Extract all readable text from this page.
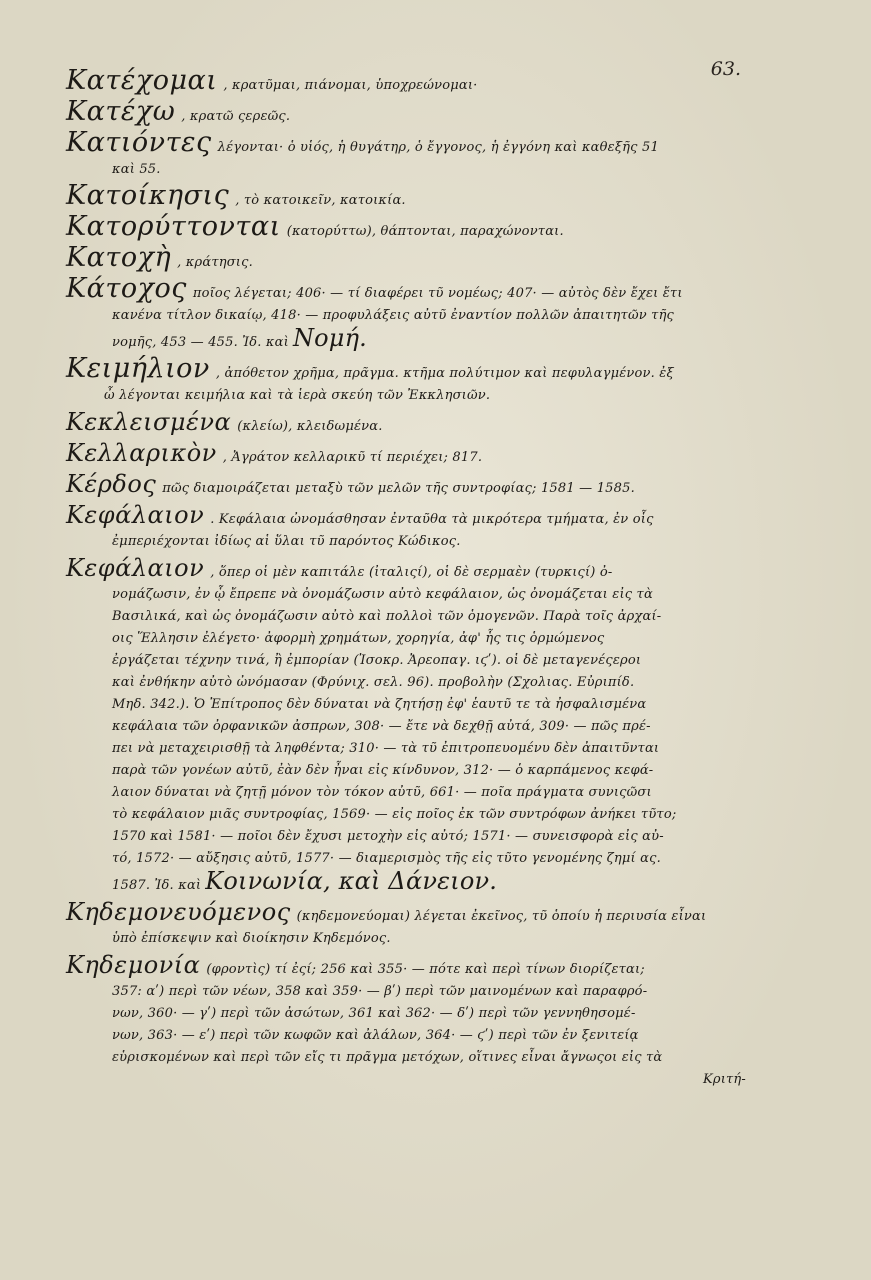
63.
Κατέχομαι , κρατῦμαι, πιάνομαι, ὑποχρεώνομαι·
Κατέχω , κρατῶ ςερεῶς.
Κατιόντες λέγονται· ὁ υἱός, ἡ θυγάτηρ, ὁ ἔγγονος, ἡ ἐγγόνη καὶ καθεξῆς 51
καὶ 55.
Κατοίκησις , τὸ κατοικεῖν, κατοικία.
Κατορύττονται (κατορύττω), θάπτονται, παραχώνονται.
Κατοχὴ , κράτησις.
Κάτοχος ποῖος λέγεται; 406· — τί διαφέρει τῦ νομέως; 407· — αὐτὸς δὲν ἔχει ἔτι
κανένα τίτλον δικαίῳ, 418· — προφυλάξεις αὐτῦ ἐναντίον πολλῶν ἀπαιτητῶν τῆς
νομῆς, 453 — 455. Ἰδ. καὶ Νομή.
Κειμήλιον , ἀπόθετον χρῆμα, πρᾶγμα. κτῆμα πολύτιμον καὶ πεφυλαγμένον. ἐξ
ὦ λέγονται κειμήλια καὶ τὰ ἱερὰ σκεύη τῶν Ἐκκλησιῶν.
Κεκλεισμένα (κλείω), κλειδωμένα.
Κελλαρικὸν , Ἀγράτον κελλαρικῦ τί περιέχει; 817.
Κέρδος πῶς διαμοιράζεται μεταξὺ τῶν μελῶν τῆς συντροφίας; 1581 — 1585.
Κεφάλαιον . Κεφάλαια ὠνομάσθησαν ἐνταῦθα τὰ μικρότερα τμήματα, ἐν οἷς
ἐμπεριέχονται ἰδίως αἱ ὕλαι τῦ παρόντος Κώδικος.
Κεφάλαιον , ὅπερ οἱ μὲν καπιτάλε (ἰταλιςί), οἱ δὲ σερμαὲν (τυρκιςί) ὀ-
νομάζωσιν, ἐν ᾧ ἔπρεπε νὰ ὀνομάζωσιν αὐτὸ κεφάλαιον, ὡς ὀνομάζεται εἰς τὰ
Βασιλικά, καὶ ὡς ὀνομάζωσιν αὐτὸ καὶ πολλοὶ τῶν ὁμογενῶν. Παρὰ τοῖς ἀρχαί-
οις Ἕλλησιν ἐλέγετο· ἀφορμὴ χρημάτων, χορηγία, ἀφ' ἧς τις ὁρμώμενος
ἐργάζεται τέχνην τινά, ἢ ἐμπορίαν (Ἰσοκρ. Ἀρεοπαγ. ιϛʹ). οἱ δὲ μεταγενέςεροι
καὶ ἐνθήκην αὐτὸ ὠνόμασαν (Φρύνιχ. σελ. 96). προβολὴν (Σχολιας. Εὐριπίδ.
Μηδ. 342.). Ὁ Ἐπίτροπος δὲν δύναται νὰ ζητήσῃ ἐφ' ἑαυτῦ τε τὰ ἠσφαλισμένα
κεφάλαια τῶν ὀρφανικῶν ἀσπρων, 308· — ἔτε νὰ δεχθῇ αὐτά, 309· — πῶς πρέ-
πει νὰ μεταχειρισθῇ τὰ ληφθέντα; 310· — τὰ τῦ ἐπιτροπευομένυ δὲν ἀπαιτῦνται
παρὰ τῶν γονέων αὐτῦ, ἐὰν δὲν ἦναι εἰς κίνδυνον, 312· — ὁ καρπάμενος κεφά-
λαιον δύναται νὰ ζητῇ μόνον τὸν τόκον αὐτῦ, 661· — ποῖα πράγματα συνιςῶσι
τὸ κεφάλαιον μιᾶς συντροφίας, 1569· — εἰς ποῖος ἐκ τῶν συντρόφων ἀνήκει τῦτο;
1570 καὶ 1581· — ποῖοι δὲν ἔχυσι μετοχὴν εἰς αὐτό; 1571· — συνεισφορὰ εἰς αὐ-
τό, 1572· — αὔξησις αὐτῦ, 1577· — διαμερισμὸς τῆς εἰς τῦτο γενομένης ζημί ας.
1587. Ἰδ. καὶ Κοινωνία, καὶ Δάνειον.
Κηδεμονευόμενος (κηδεμονεύομαι) λέγεται ἐκεῖνος, τῦ ὁποίυ ἡ περιυσία εἶναι
ὑπὸ ἐπίσκεψιν καὶ διοίκησιν Κηδεμόνος.
Κηδεμονία (φροντὶς) τί ἐςί; 256 καὶ 355· — πότε καὶ περὶ τίνων διορίζεται;
357: αʹ) περὶ τῶν νέων, 358 καὶ 359· — βʹ) περὶ τῶν μαινομένων καὶ παραφρό-
νων, 360· — γʹ) περὶ τῶν ἀσώτων, 361 καὶ 362· — δʹ) περὶ τῶν γεννηθησομέ-
νων, 363· — εʹ) περὶ τῶν κωφῶν καὶ ἀλάλων, 364· — ϛʹ) περὶ τῶν ἐν ξενιτείᾳ
εὑρισκομένων καὶ περὶ τῶν εἴς τι πρᾶγμα μετόχων, οἵτινες εἶναι ἄγνωςοι εἰς τὰ
Κριτή-
